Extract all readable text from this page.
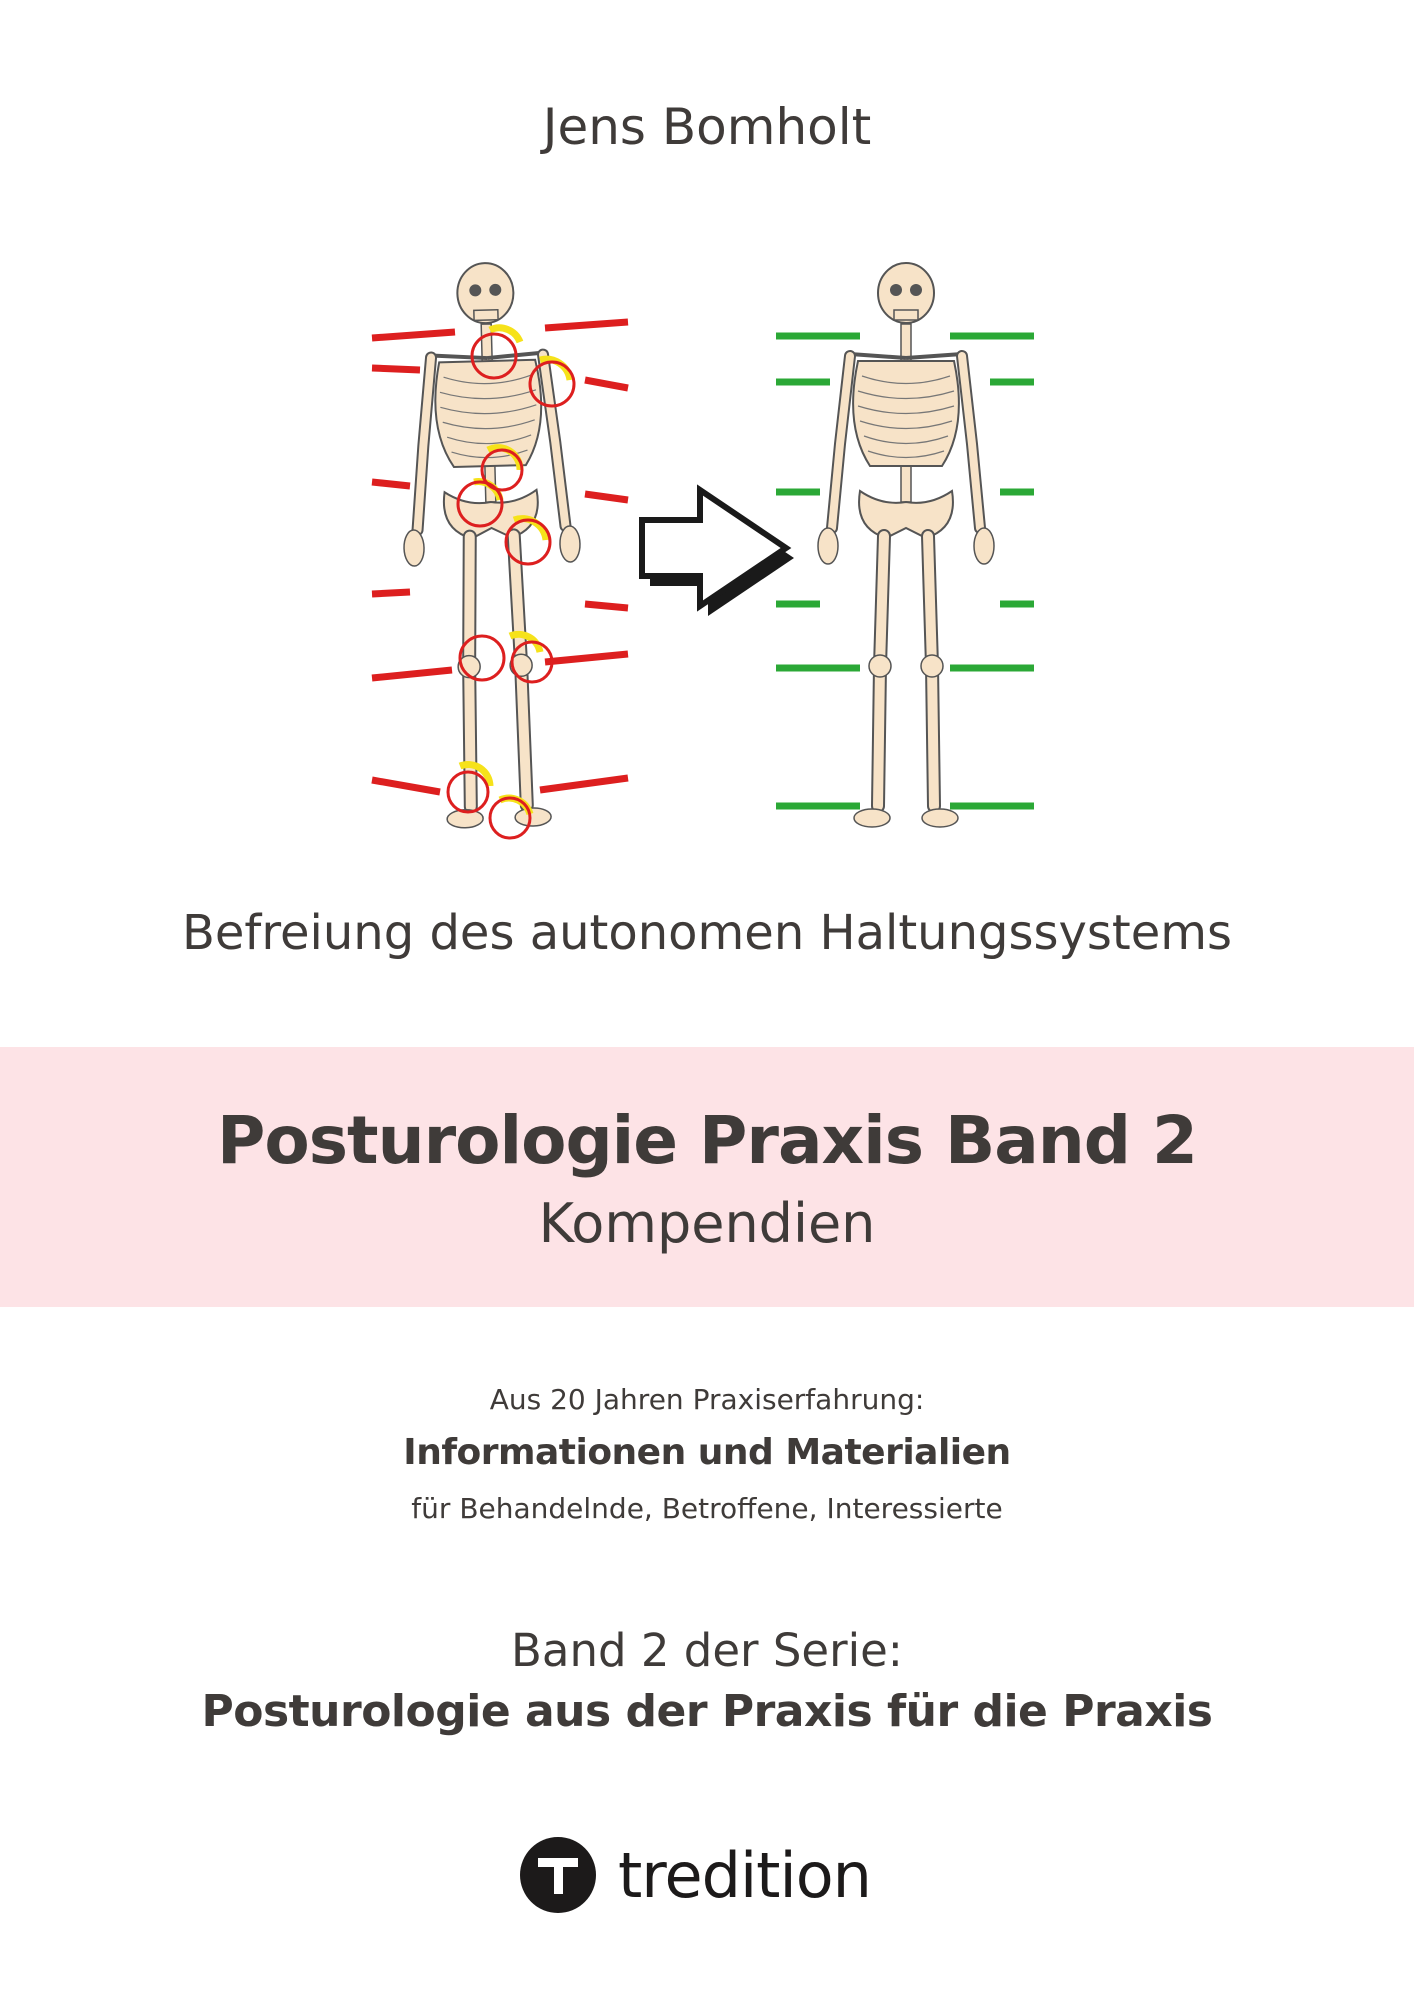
Jens Bomholt
Befreiung des autonomen Haltungssystems
Posturologie Praxis Band 2
Kompendien
Aus 20 Jahren Praxiserfahrung:
Informationen und Materialien
für Behandelnde, Betroffene, Interessierte
Band 2 der Serie:
Posturologie aus der Praxis für die Praxis
tredition
